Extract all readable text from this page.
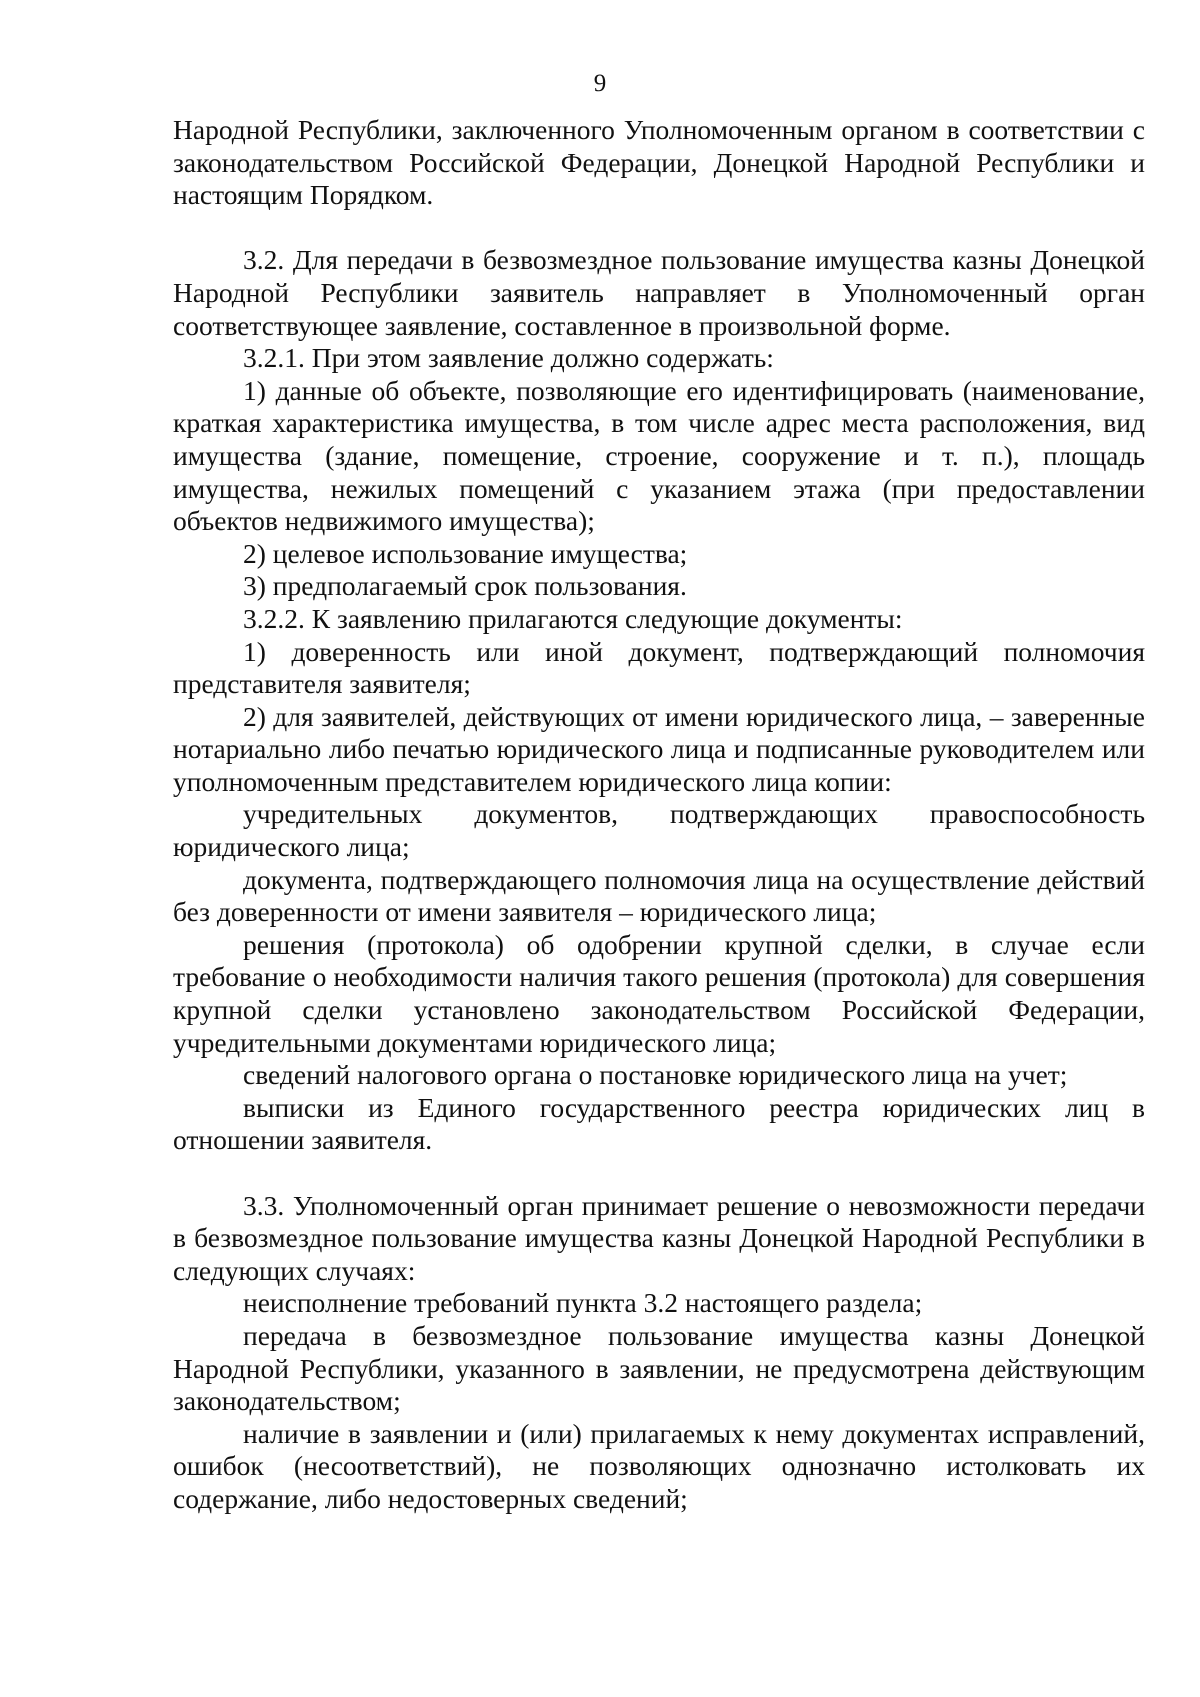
9

Народной Республики, заключенного Уполномоченным органом в соответствии с законодательством Российской Федерации, Донецкой Народной Республики и настоящим Порядком.

3.2. Для передачи в безвозмездное пользование имущества казны Донецкой Народной Республики заявитель направляет в Уполномоченный орган соответствующее заявление, составленное в произвольной форме.

3.2.1. При этом заявление должно содержать:

1) данные об объекте, позволяющие его идентифицировать (наименование, краткая характеристика имущества, в том числе адрес места расположения, вид имущества (здание, помещение, строение, сооружение и т. п.), площадь имущества, нежилых помещений с указанием этажа (при предоставлении объектов недвижимого имущества);

2) целевое использование имущества;

3) предполагаемый срок пользования.

3.2.2. К заявлению прилагаются следующие документы:

1) доверенность или иной документ, подтверждающий полномочия представителя заявителя;

2) для заявителей, действующих от имени юридического лица, – заверенные нотариально либо печатью юридического лица и подписанные руководителем или уполномоченным представителем юридического лица копии:

учредительных документов, подтверждающих правоспособность юридического лица;

документа, подтверждающего полномочия лица на осуществление действий без доверенности от имени заявителя – юридического лица;

решения (протокола) об одобрении крупной сделки, в случае если требование о необходимости наличия такого решения (протокола) для совершения крупной сделки установлено законодательством Российской Федерации, учредительными документами юридического лица;

сведений налогового органа о постановке юридического лица на учет;

выписки из Единого государственного реестра юридических лиц в отношении заявителя.

3.3. Уполномоченный орган принимает решение о невозможности передачи в безвозмездное пользование имущества казны Донецкой Народной Республики в следующих случаях:

неисполнение требований пункта 3.2 настоящего раздела;

передача в безвозмездное пользование имущества казны Донецкой Народной Республики, указанного в заявлении, не предусмотрена действующим законодательством;

наличие в заявлении и (или) прилагаемых к нему документах исправлений, ошибок (несоответствий), не позволяющих однозначно истолковать их содержание, либо недостоверных сведений;
